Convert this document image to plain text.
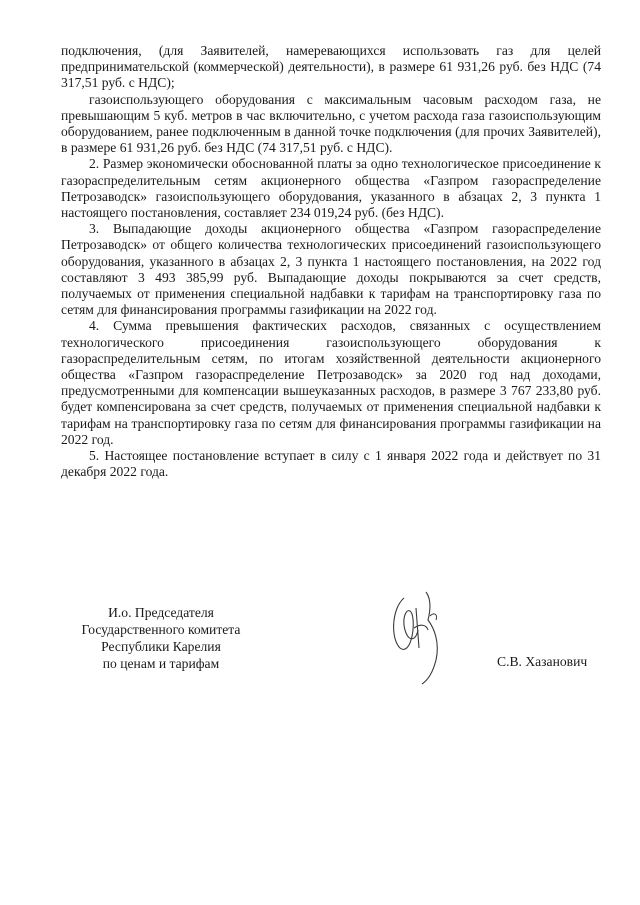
подключения, (для Заявителей, намеревающихся использовать газ для целей предпринимательской (коммерческой) деятельности), в размере 61 931,26 руб. без НДС (74 317,51 руб. с НДС);

газоиспользующего оборудования с максимальным часовым расходом газа, не превышающим 5 куб. метров в час включительно, с учетом расхода газа газоиспользующим оборудованием, ранее подключенным в данной точке подключения (для прочих Заявителей), в размере 61 931,26 руб. без НДС (74 317,51 руб. с НДС).

2. Размер экономически обоснованной платы за одно технологическое присоединение к газораспределительным сетям акционерного общества «Газпром газораспределение Петрозаводск» газоиспользующего оборудования, указанного в абзацах 2, 3 пункта 1 настоящего постановления, составляет 234 019,24 руб. (без НДС).

3. Выпадающие доходы акционерного общества «Газпром газораспределение Петрозаводск» от общего количества технологических присоединений газоиспользующего оборудования, указанного в абзацах 2, 3 пункта 1 настоящего постановления, на 2022 год составляют 3 493 385,99 руб. Выпадающие доходы покрываются за счет средств, получаемых от применения специальной надбавки к тарифам на транспортировку газа по сетям для финансирования программы газификации на 2022 год.

4. Сумма превышения фактических расходов, связанных с осуществлением технологического присоединения газоиспользующего оборудования к газораспределительным сетям, по итогам хозяйственной деятельности акционерного общества «Газпром газораспределение Петрозаводск» за 2020 год над доходами, предусмотренными для компенсации вышеуказанных расходов, в размере 3 767 233,80 руб. будет компенсирована за счет средств, получаемых от применения специальной надбавки к тарифам на транспортировку газа по сетям для финансирования программы газификации на 2022 год.

5. Настоящее постановление вступает в силу с 1 января 2022 года и действует по 31 декабря 2022 года.

И.о. Председателя
Государственного комитета
Республики Карелия
по ценам и тарифам	С.В. Хазанович
